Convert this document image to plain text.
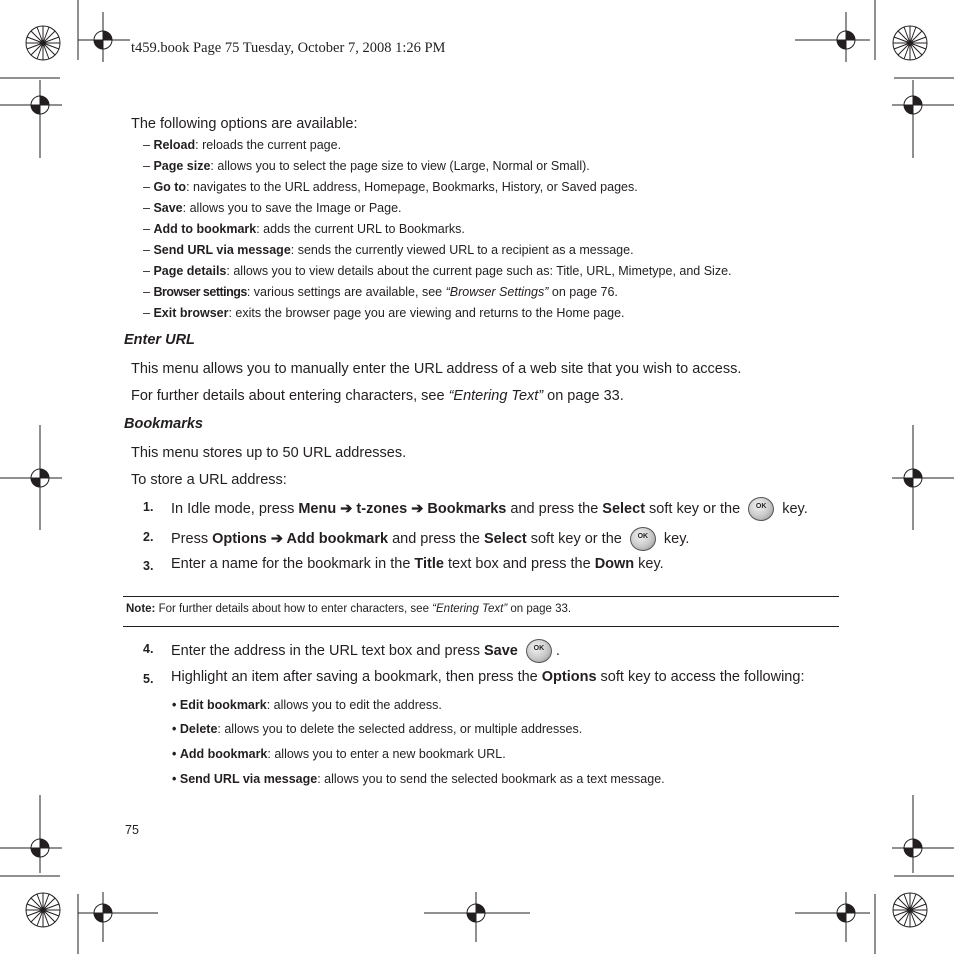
t459.book Page 75 Tuesday, October 7, 2008 1:26 PM
The following options are available:
– Reload: reloads the current page.
– Page size: allows you to select the page size to view (Large, Normal or Small).
– Go to: navigates to the URL address, Homepage, Bookmarks, History, or Saved pages.
– Save: allows you to save the Image or Page.
– Add to bookmark: adds the current URL to Bookmarks.
– Send URL via message: sends the currently viewed URL to a recipient as a message.
– Page details: allows you to view details about the current page such as: Title, URL, Mimetype, and Size.
– Browser settings: various settings are available, see “Browser Settings” on page 76.
– Exit browser: exits the browser page you are viewing and returns to the Home page.
Enter URL
This menu allows you to manually enter the URL address of a web site that you wish to access.
For further details about entering characters, see “Entering Text” on page 33.
Bookmarks
This menu stores up to 50 URL addresses.
To store a URL address:
1. In Idle mode, press Menu ➔ t-zones ➔ Bookmarks and press the Select soft key or the	OK key.
2. Press Options ➔ Add bookmark and press the Select soft key or the	OK key.
3. Enter a name for the bookmark in the Title text box and press the Down key.
Note: For further details about how to enter characters, see “Entering Text” on page 33.
4. Enter the address in the URL text box and press Save	OK .
5. Highlight an item after saving a bookmark, then press the Options soft key to access the following:
• Edit bookmark: allows you to edit the address.
• Delete: allows you to delete the selected address, or multiple addresses.
• Add bookmark: allows you to enter a new bookmark URL.
• Send URL via message: allows you to send the selected bookmark as a text message.
75
